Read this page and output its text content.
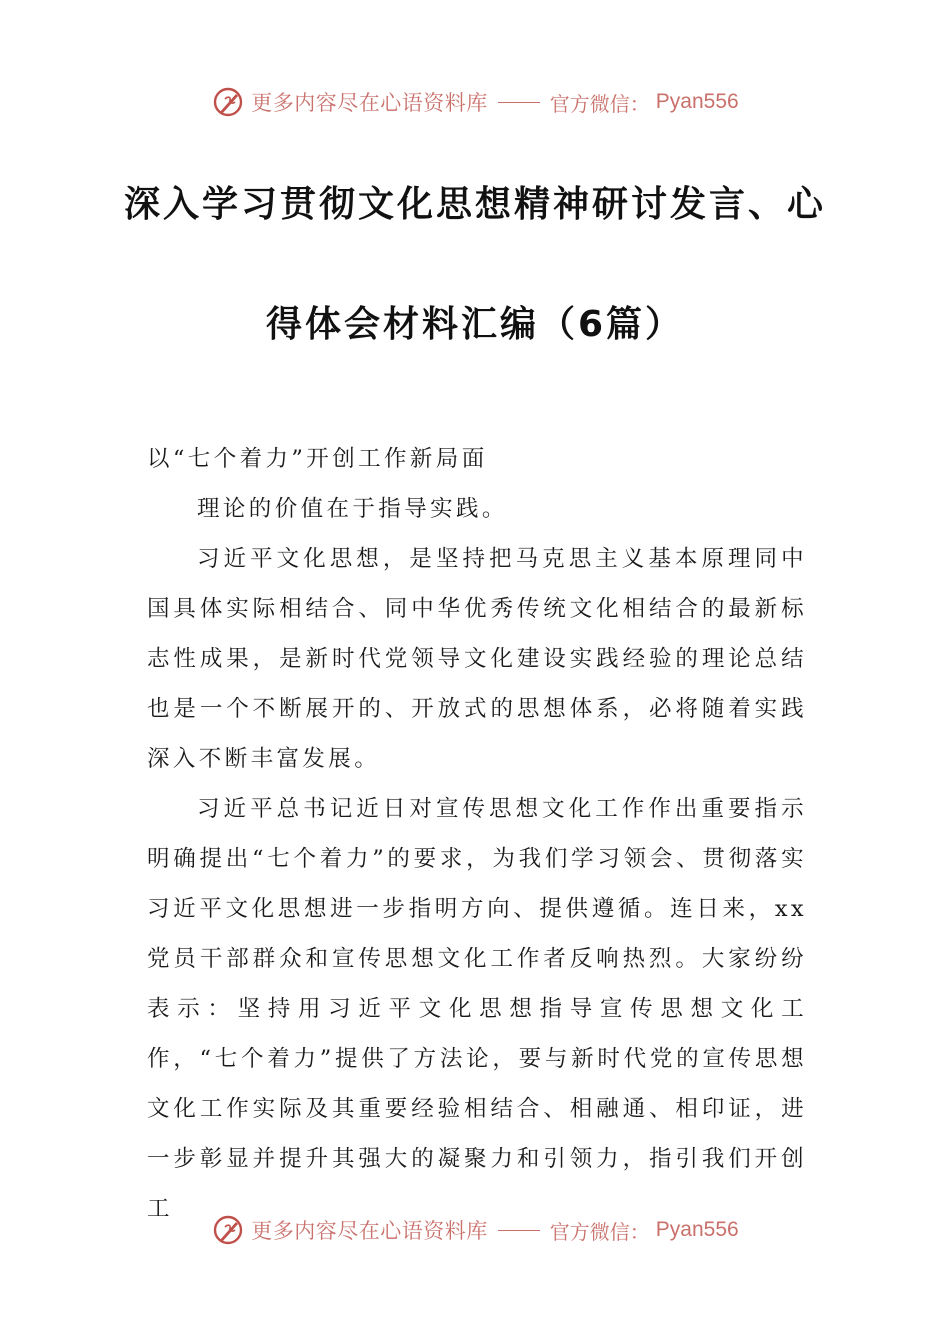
更多内容尽在心语资料库	官方微信： Pyan556
深入学习贯彻文化思想精神研讨发言、心
得体会材料汇编（6篇）

以“七个着力”开创工作新局面

理论的价值在于指导实践。

习近平文化思想，是坚持把马克思主义基本原理同中国具体实际相结合、同中华优秀传统文化相结合的最新标志性成果，是新时代党领导文化建设实践经验的理论总结也是一个不断展开的、开放式的思想体系，必将随着实践深入不断丰富发展。

习近平总书记近日对宣传思想文化工作作出重要指示明确提出“七个着力”的要求，为我们学习领会、贯彻落实习近平文化思想进一步指明方向、提供遵循。连日来，xx党员干部群众和宣传思想文化工作者反响热烈。大家纷纷表示：坚持用习近平文化思想指导宣传思想文化工作，“七个着力”提供了方法论，要与新时代党的宣传思想文化工作实际及其重要经验相结合、相融通、相印证，进一步彰显并提升其强大的凝聚力和引领力，指引我们开创工

更多内容尽在心语资料库	官方微信： Pyan556
